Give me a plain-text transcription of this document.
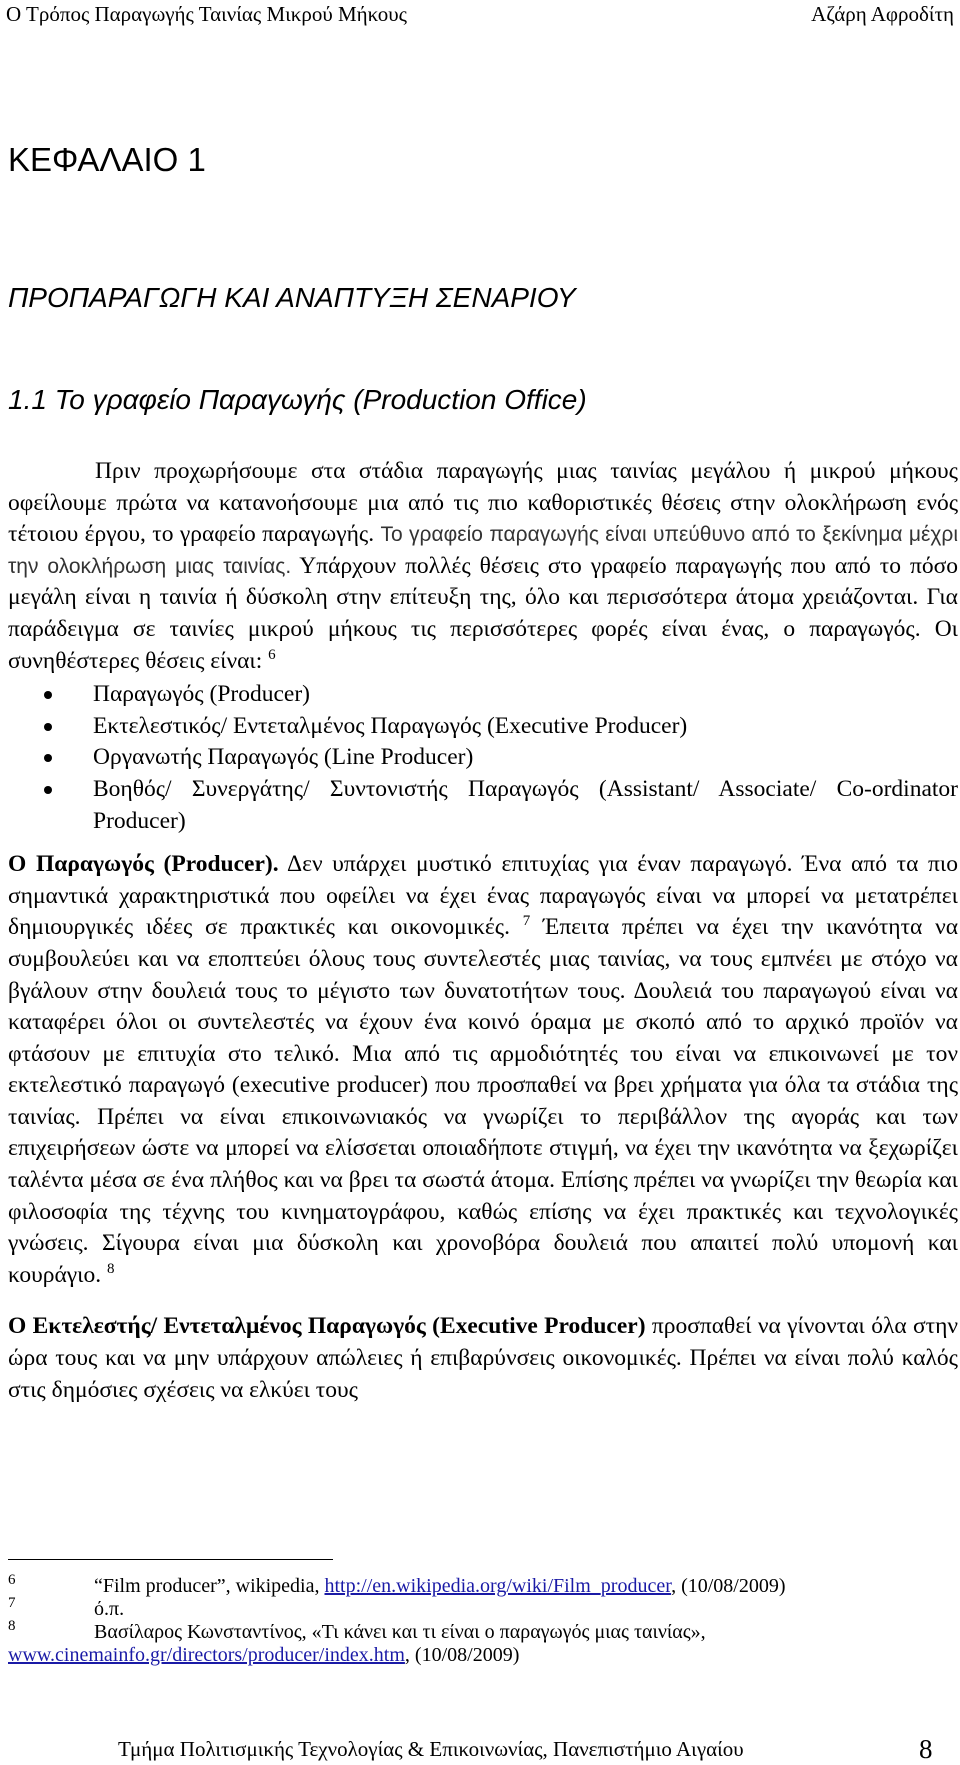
Ο Τρόπος Παραγωγής Ταινίας Μικρού Μήκους	Αζάρη Αφροδίτη
ΚΕΦΑΛΑΙΟ 1
ΠΡΟΠΑΡΑΓΩΓΗ ΚΑΙ ΑΝΑΠΤΥΞΗ ΣΕΝΑΡΙΟΥ
1.1 Το γραφείο Παραγωγής (Production Office)

Πριν προχωρήσουμε στα στάδια παραγωγής μιας ταινίας μεγάλου ή μικρού μήκους οφείλουμε πρώτα να κατανοήσουμε μια από τις πιο καθοριστικές θέσεις στην ολοκλήρωση ενός τέτοιου έργου, το γραφείο παραγωγής. Το γραφείο παραγωγής είναι υπεύθυνο από το ξεκίνημα μέχρι την ολοκλήρωση μιας ταινίας. Υπάρχουν πολλές θέσεις στο γραφείο παραγωγής που από το πόσο μεγάλη είναι η ταινία ή δύσκολη στην επίτευξη της, όλο και περισσότερα άτομα χρειάζονται. Για παράδειγμα σε ταινίες μικρού μήκους τις περισσότερες φορές είναι ένας, ο παραγωγός. Οι συνηθέστερες θέσεις είναι: $^6$

Παραγωγός (Producer)
Εκτελεστικός/ Εντεταλμένος Παραγωγός (Executive Producer)
Οργανωτής Παραγωγός (Line Producer)
Βοηθός/ Συνεργάτης/ Συντονιστής Παραγωγός (Assistant/ Associate/ Co-ordinator Producer)

Ο Παραγωγός (Producer). Δεν υπάρχει μυστικό επιτυχίας για έναν παραγωγό. Ένα από τα πιο σημαντικά χαρακτηριστικά που οφείλει να έχει ένας παραγωγός είναι να μπορεί να μετατρέπει δημιουργικές ιδέες σε πρακτικές και οικονομικές. $^7$ Έπειτα πρέπει να έχει την ικανότητα να συμβουλεύει και να εποπτεύει όλους τους συντελεστές μιας ταινίας, να τους εμπνέει με στόχο να βγάλουν στην δουλειά τους το μέγιστο των δυνατοτήτων τους. Δουλειά του παραγωγού είναι να καταφέρει όλοι οι συντελεστές να έχουν ένα κοινό όραμα με σκοπό από το αρχικό προϊόν να φτάσουν με επιτυχία στο τελικό. Μια από τις αρμοδιότητές του είναι να επικοινωνεί με τον εκτελεστικό παραγωγό (executive producer) που προσπαθεί να βρει χρήματα για όλα τα στάδια της ταινίας. Πρέπει να είναι επικοινωνιακός να γνωρίζει το περιβάλλον της αγοράς και των επιχειρήσεων ώστε να μπορεί να ελίσσεται οποιαδήποτε στιγμή, να έχει την ικανότητα να ξεχωρίζει ταλέντα μέσα σε ένα πλήθος και να βρει τα σωστά άτομα. Επίσης πρέπει να γνωρίζει την θεωρία και φιλοσοφία της τέχνης του κινηματογράφου, καθώς επίσης να έχει πρακτικές και τεχνολογικές γνώσεις. Σίγουρα είναι μια δύσκολη και χρονοβόρα δουλειά που απαιτεί πολύ υπομονή και κουράγιο. $^8$

Ο Εκτελεστής/ Εντεταλμένος Παραγωγός (Executive Producer) προσπαθεί να γίνονται όλα στην ώρα τους και να μην υπάρχουν απώλειες ή επιβαρύνσεις οικονομικές. Πρέπει να είναι πολύ καλός στις δημόσιες σχέσεις να ελκύει τους

6	“Film producer”, wikipedia, http://en.wikipedia.org/wiki/Film_producer, (10/08/2009)
7	ό.π.
8	Βασίλαρος Κωνσταντίνος, «Τι κάνει και τι είναι ο παραγωγός μιας ταινίας»,
www.cinemainfo.gr/directors/producer/index.htm, (10/08/2009)
Τμήμα Πολιτισμικής Τεχνολογίας & Επικοινωνίας, Πανεπιστήμιο Αιγαίου	8
